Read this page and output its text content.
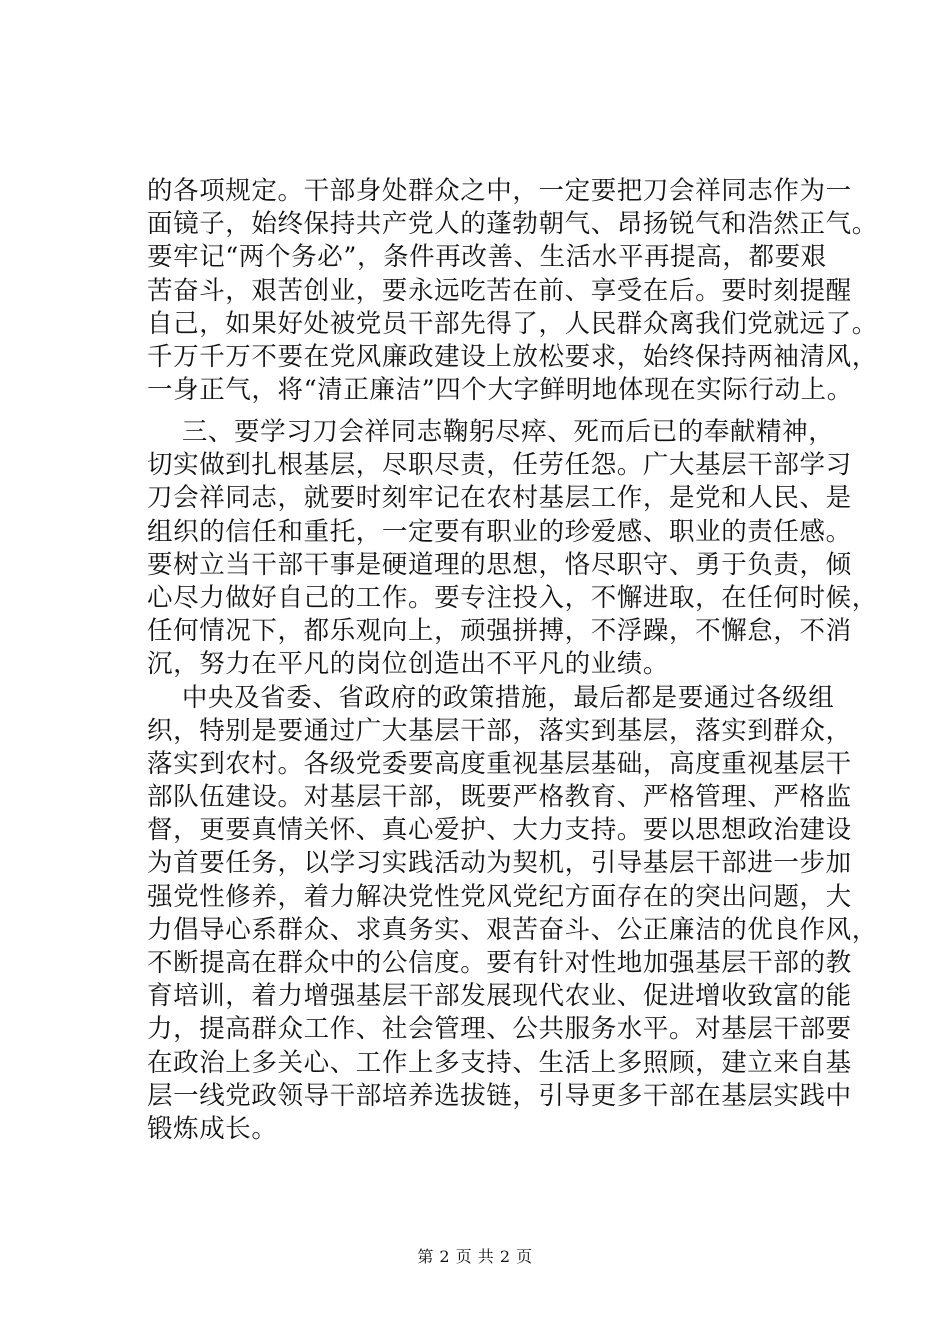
的各项规定。干部身处群众之中，一定要把刀会祥同志作为一
面镜子，始终保持共产党人的蓬勃朝气、昂扬锐气和浩然正气。
要牢记“两个务必”，条件再改善、生活水平再提高，都要艰
苦奋斗，艰苦创业，要永远吃苦在前、享受在后。要时刻提醒
自己，如果好处被党员干部先得了，人民群众离我们党就远了。
千万千万不要在党风廉政建设上放松要求，始终保持两袖清风，
一身正气，将“清正廉洁”四个大字鲜明地体现在实际行动上。
三、要学习刀会祥同志鞠躬尽瘁、死而后已的奉献精神，
切实做到扎根基层，尽职尽责，任劳任怨。广大基层干部学习
刀会祥同志，就要时刻牢记在农村基层工作，是党和人民、是
组织的信任和重托，一定要有职业的珍爱感、职业的责任感。
要树立当干部干事是硬道理的思想，恪尽职守、勇于负责，倾
心尽力做好自己的工作。要专注投入，不懈进取，在任何时候，
任何情况下，都乐观向上，顽强拼搏，不浮躁，不懈怠，不消
沉，努力在平凡的岗位创造出不平凡的业绩。
中央及省委、省政府的政策措施，最后都是要通过各级组
织，特别是要通过广大基层干部，落实到基层，落实到群众，
落实到农村。各级党委要高度重视基层基础，高度重视基层干
部队伍建设。对基层干部，既要严格教育、严格管理、严格监
督，更要真情关怀、真心爱护、大力支持。要以思想政治建设
为首要任务，以学习实践活动为契机，引导基层干部进一步加
强党性修养，着力解决党性党风党纪方面存在的突出问题，大
力倡导心系群众、求真务实、艰苦奋斗、公正廉洁的优良作风，
不断提高在群众中的公信度。要有针对性地加强基层干部的教
育培训，着力增强基层干部发展现代农业、促进增收致富的能
力，提高群众工作、社会管理、公共服务水平。对基层干部要
在政治上多关心、工作上多支持、生活上多照顾，建立来自基
层一线党政领导干部培养选拔链，引导更多干部在基层实践中
锻炼成长。
第 2 页 共 2 页
